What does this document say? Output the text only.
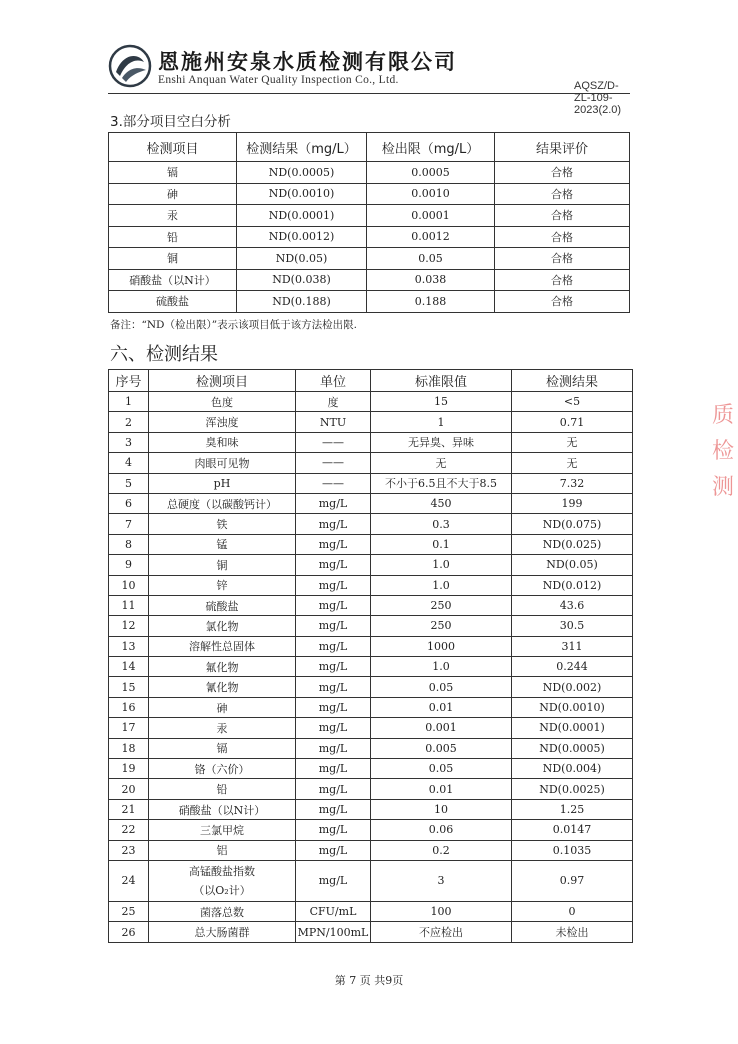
恩施州安泉水质检测有限公司
Enshi Anquan Water Quality Inspection Co., Ltd.	AQSZ/D-ZL-109-2023(2.0)
3.部分项目空白分析
检测项目	检测结果（mg/L）	检出限（mg/L）	结果评价
镉	ND(0.0005)	0.0005	合格
砷	ND(0.0010)	0.0010	合格
汞	ND(0.0001)	0.0001	合格
铅	ND(0.0012)	0.0012	合格
铜	ND(0.05)	0.05	合格
硝酸盐（以N计）	ND(0.038)	0.038	合格
硫酸盐	ND(0.188)	0.188	合格
备注：“ND（检出限）”表示该项目低于该方法检出限.
六、检测结果
序号	检测项目	单位	标准限值	检测结果
1	色度	度	15	<5
2	浑浊度	NTU	1	0.71
3	臭和味	——	无异臭、异味	无
4	肉眼可见物	——	无	无
5	pH	——	不小于6.5且不大于8.5	7.32
6	总硬度（以碳酸钙计）	mg/L	450	199
7	铁	mg/L	0.3	ND(0.075)
8	锰	mg/L	0.1	ND(0.025)
9	铜	mg/L	1.0	ND(0.05)
10	锌	mg/L	1.0	ND(0.012)
11	硫酸盐	mg/L	250	43.6
12	氯化物	mg/L	250	30.5
13	溶解性总固体	mg/L	1000	311
14	氟化物	mg/L	1.0	0.244
15	氰化物	mg/L	0.05	ND(0.002)
16	砷	mg/L	0.01	ND(0.0010)
17	汞	mg/L	0.001	ND(0.0001)
18	镉	mg/L	0.005	ND(0.0005)
19	铬（六价）	mg/L	0.05	ND(0.004)
20	铅	mg/L	0.01	ND(0.0025)
21	硝酸盐（以N计）	mg/L	10	1.25
22	三氯甲烷	mg/L	0.06	0.0147
23	铝	mg/L	0.2	0.1035
24	高锰酸盐指数
（以O₂计）	mg/L	3	0.97
25	菌落总数	CFU/mL	100	0
26	总大肠菌群	MPN/100mL	不应检出	未检出
第 7 页 共9页
质
检
测
